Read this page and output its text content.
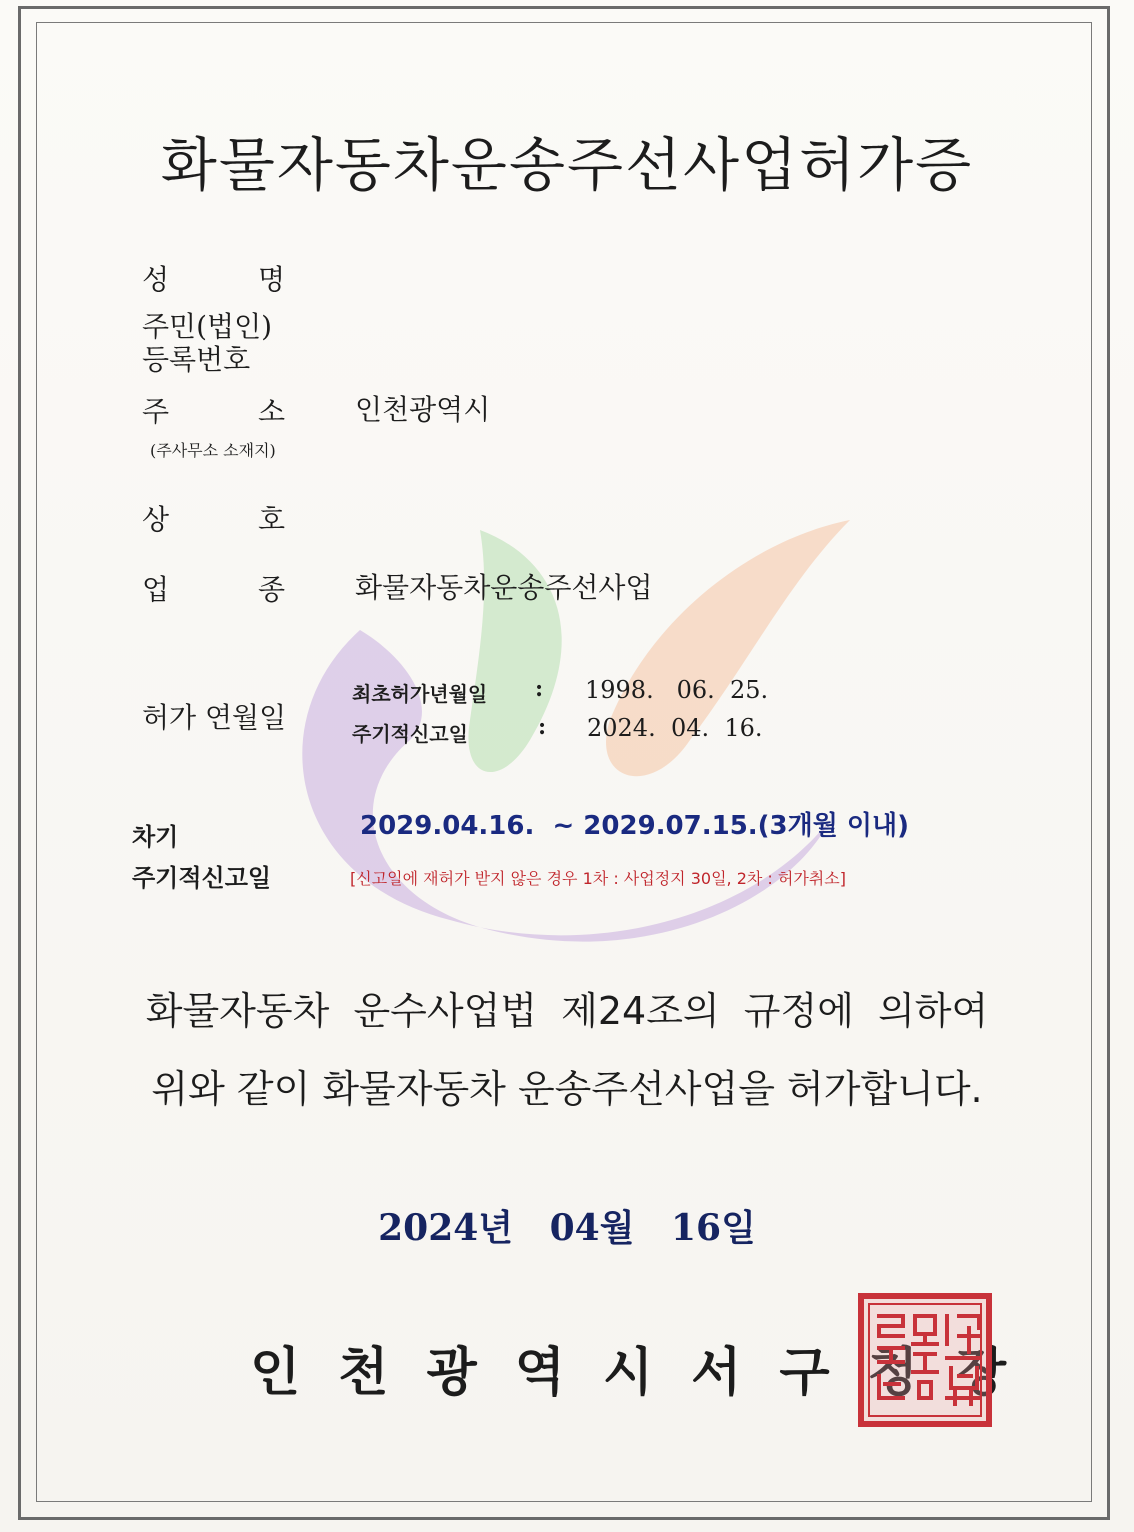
화물자동차운송주선사업허가증
성          명
주민(법인)
등록번호
주          소 인천광역시
(주사무소 소재지)
상          호
업          종 화물자동차운송주선사업
허가 연월일
최초허가년월일 : 1998.   06.  25.
주기적신고일	: 2024.  04.  16.
차기
주기적신고일
2029.04.16.  ~ 2029.07.15.(3개월 이내)
[신고일에 재허가 받지 않은 경우 1차 : 사업정지 30일, 2차 : 허가취소]
화물자동차  운수사업법  제24조의  규정에  의하여
위와 같이 화물자동차 운송주선사업을 허가합니다.
2024년 04월 16일
인천광역시서구청장
